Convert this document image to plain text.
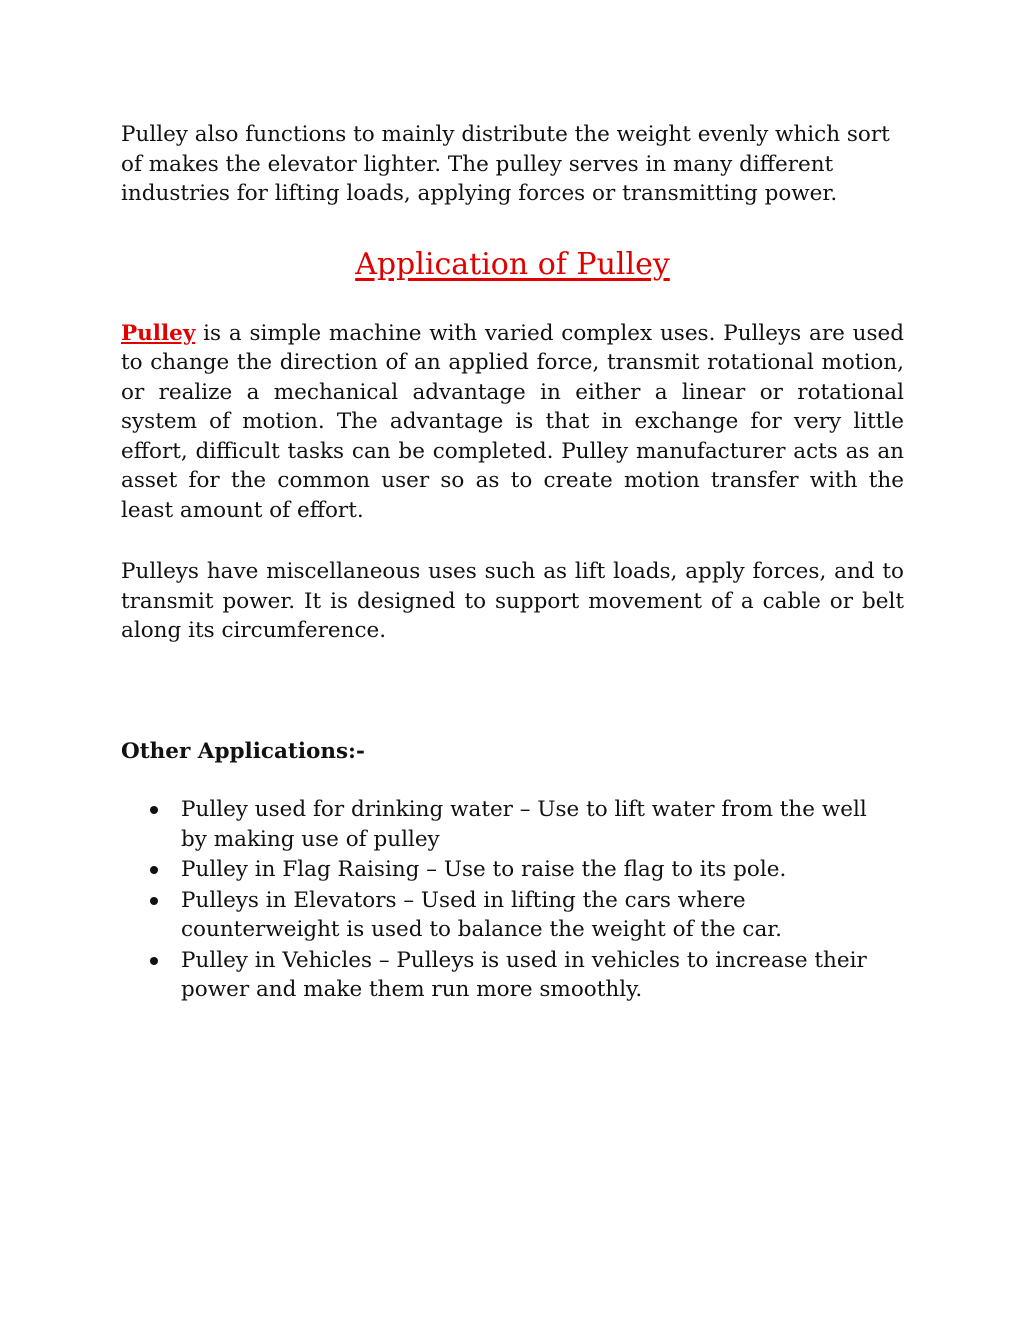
Pulley also functions to mainly distribute the weight evenly which sort of makes the elevator lighter. The pulley serves in many different industries for lifting loads, applying forces or transmitting power.

Application of Pulley

Pulley is a simple machine with varied complex uses. Pulleys are used to change the direction of an applied force, transmit rotational motion, or realize a mechanical advantage in either a linear or rotational system of motion. The advantage is that in exchange for very little effort, difficult tasks can be completed. Pulley manufacturer acts as an asset for the common user so as to create motion transfer with the least amount of effort.

Pulleys have miscellaneous uses such as lift loads, apply forces, and to transmit power. It is designed to support movement of a cable or belt along its circumference.

Other Applications:-
Pulley used for drinking water – Use to lift water from the well by making use of pulley
Pulley in Flag Raising – Use to raise the flag to its pole.
Pulleys in Elevators – Used in lifting the cars where counterweight is used to balance the weight of the car.
Pulley in Vehicles – Pulleys is used in vehicles to increase their power and make them run more smoothly.
